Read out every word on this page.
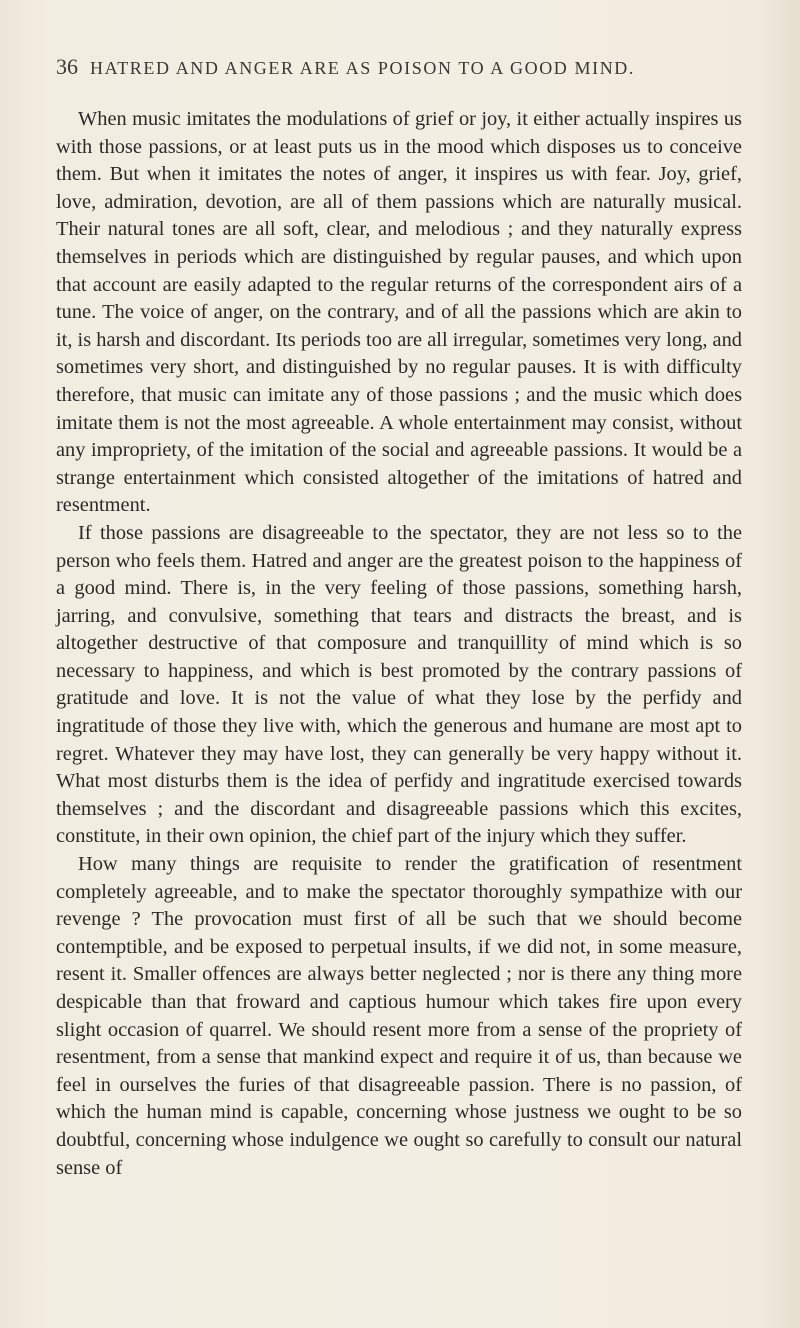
36 HATRED AND ANGER ARE AS POISON TO A GOOD MIND.

When music imitates the modulations of grief or joy, it either actually inspires us with those passions, or at least puts us in the mood which disposes us to conceive them. But when it imitates the notes of anger, it inspires us with fear. Joy, grief, love, admiration, devotion, are all of them passions which are naturally musical. Their natural tones are all soft, clear, and melodious ; and they naturally express themselves in periods which are distinguished by regular pauses, and which upon that account are easily adapted to the regular returns of the correspondent airs of a tune. The voice of anger, on the contrary, and of all the passions which are akin to it, is harsh and discordant. Its periods too are all irregular, sometimes very long, and sometimes very short, and distinguished by no regular pauses. It is with difficulty therefore, that music can imitate any of those passions ; and the music which does imitate them is not the most agreeable. A whole entertainment may consist, without any impropriety, of the imitation of the social and agreeable passions. It would be a strange entertainment which consisted altogether of the imitations of hatred and resentment.

If those passions are disagreeable to the spectator, they are not less so to the person who feels them. Hatred and anger are the greatest poison to the happiness of a good mind. There is, in the very feeling of those passions, something harsh, jarring, and convulsive, something that tears and distracts the breast, and is altogether destructive of that composure and tranquillity of mind which is so necessary to happiness, and which is best promoted by the contrary passions of gratitude and love. It is not the value of what they lose by the perfidy and ingratitude of those they live with, which the generous and humane are most apt to regret. Whatever they may have lost, they can generally be very happy without it. What most disturbs them is the idea of perfidy and ingratitude exercised towards themselves ; and the discordant and disagreeable passions which this excites, constitute, in their own opinion, the chief part of the injury which they suffer.

How many things are requisite to render the gratification of resentment completely agreeable, and to make the spectator thoroughly sympathize with our revenge ? The provocation must first of all be such that we should become contemptible, and be exposed to perpetual insults, if we did not, in some measure, resent it. Smaller offences are always better neglected ; nor is there any thing more despicable than that froward and captious humour which takes fire upon every slight occasion of quarrel. We should resent more from a sense of the propriety of resentment, from a sense that mankind expect and require it of us, than because we feel in ourselves the furies of that disagreeable passion. There is no passion, of which the human mind is capable, concerning whose justness we ought to be so doubtful, concerning whose indulgence we ought so carefully to consult our natural sense of
